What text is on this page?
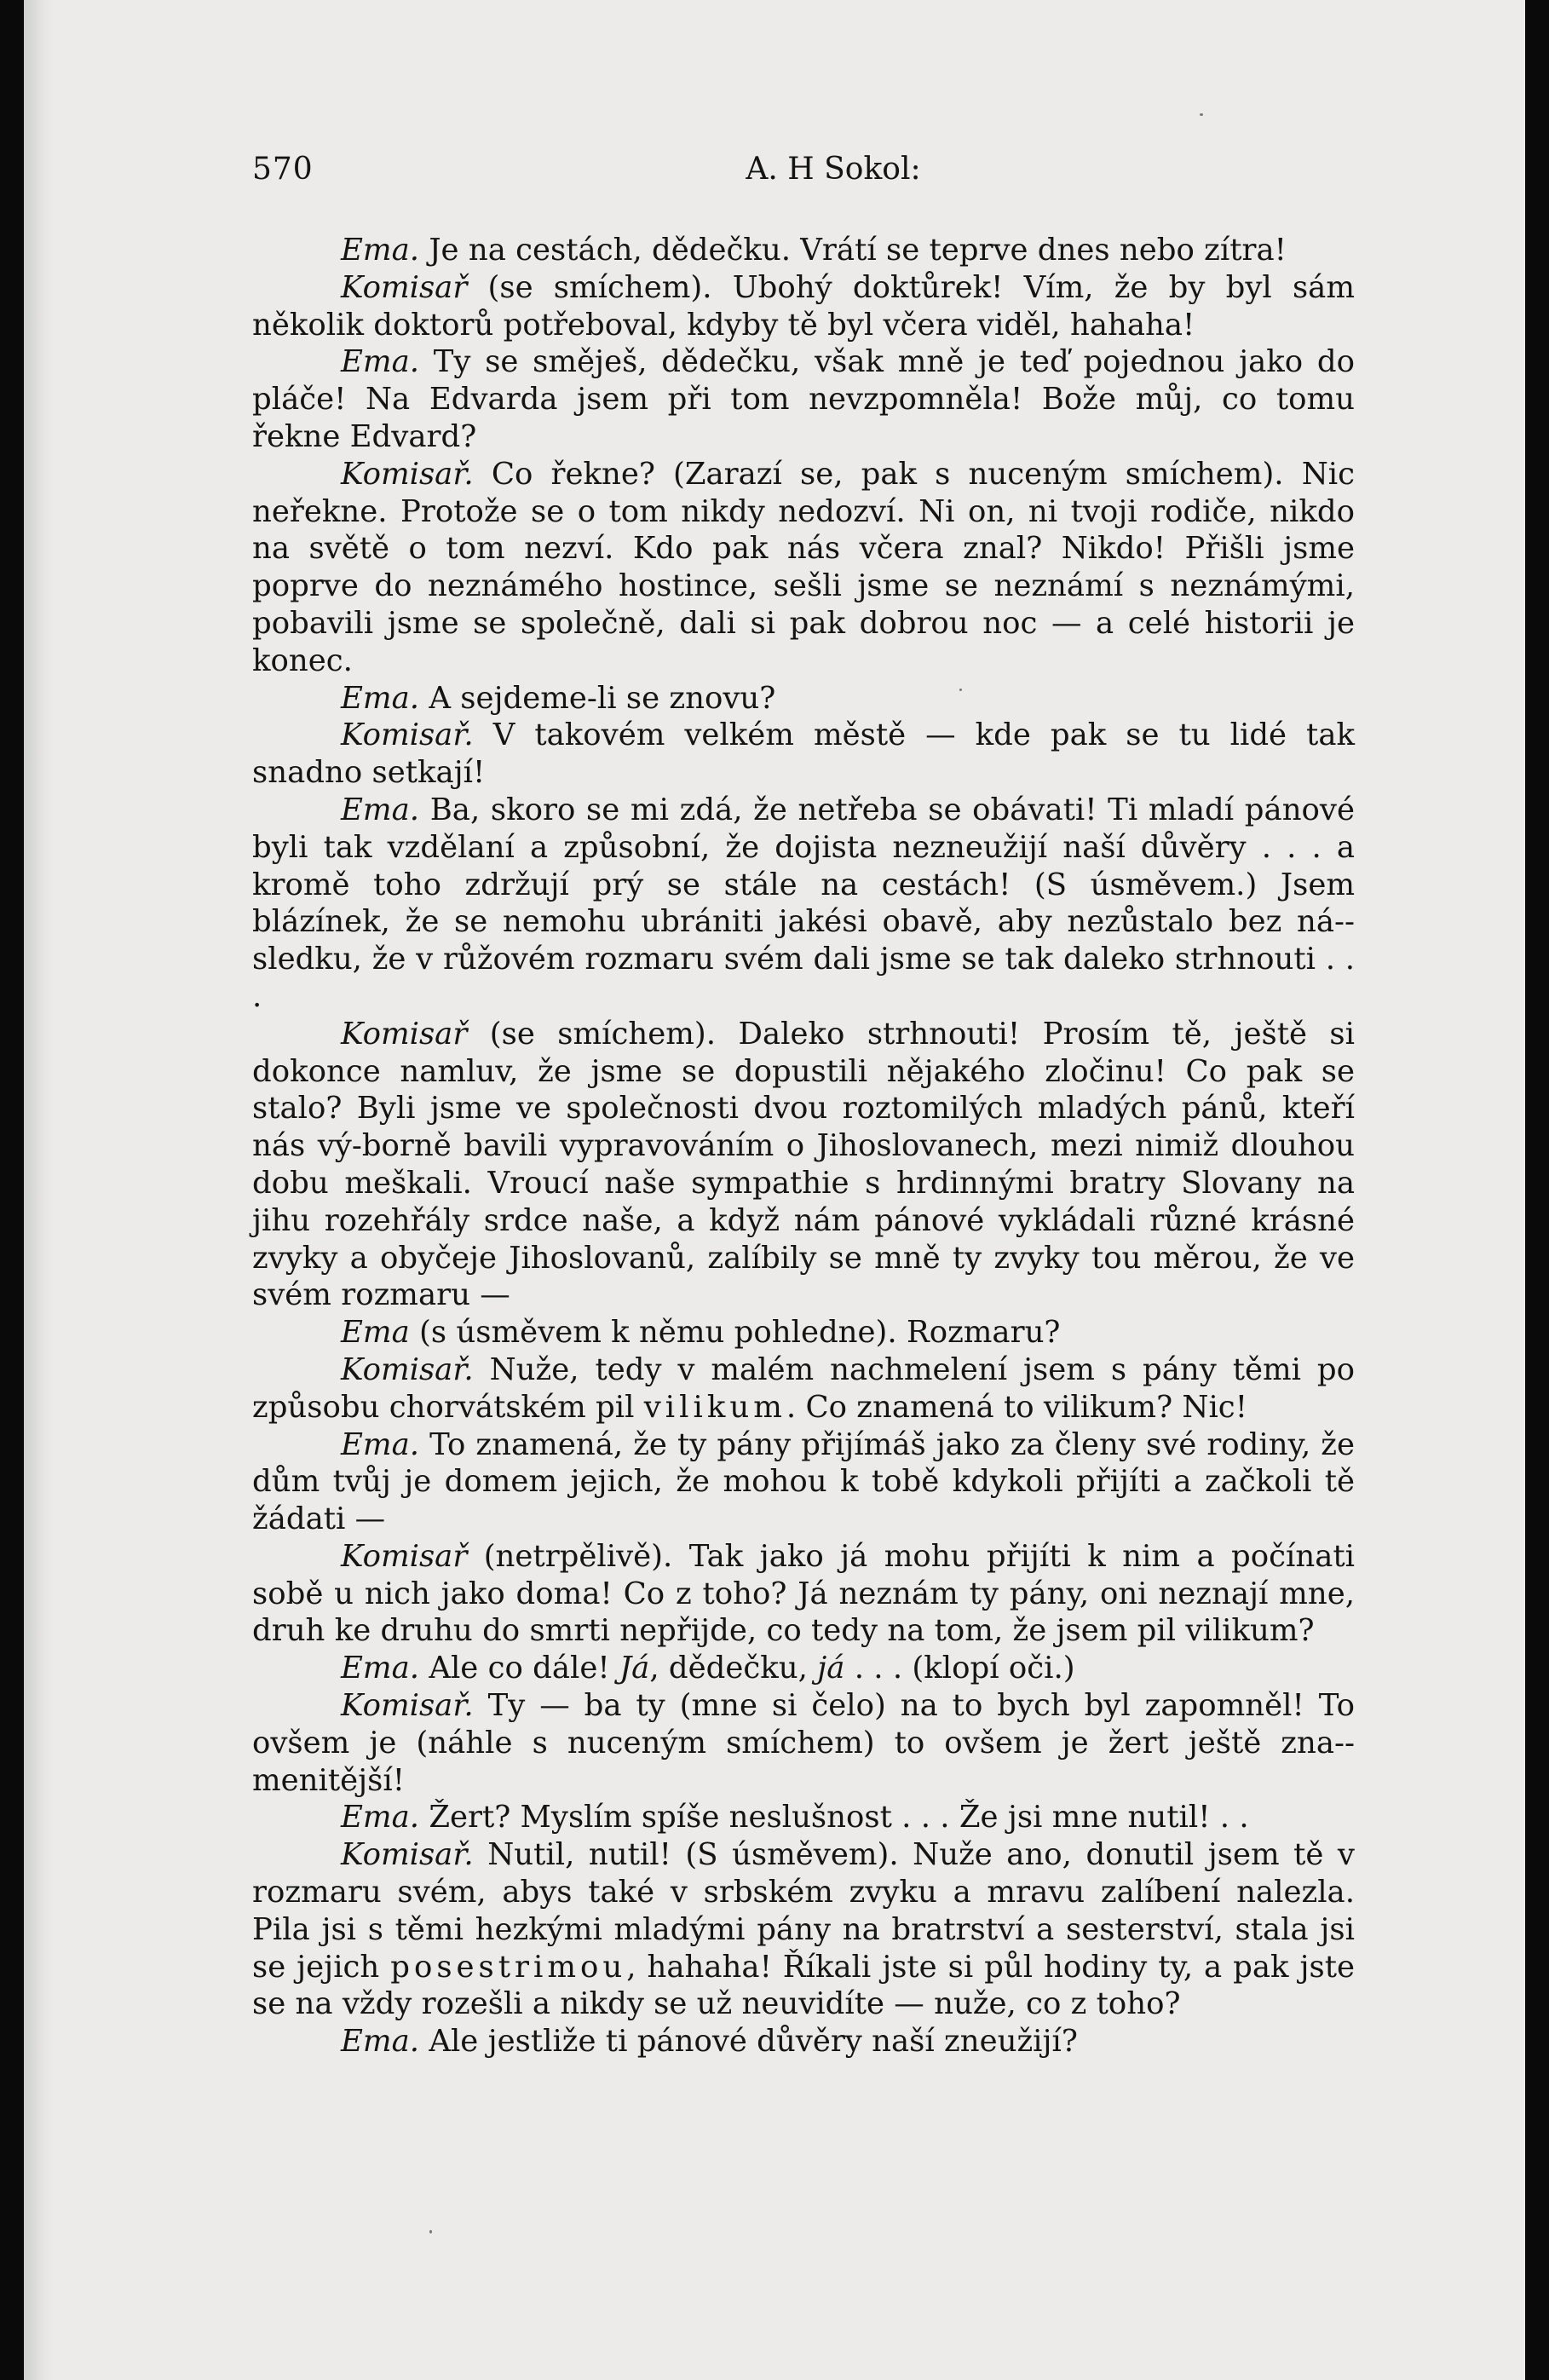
570	A. H Sokol:

Ema. Je na cestách, dědečku. Vrátí se teprve dnes nebo zítra!

Komisař (se smíchem). Ubohý doktůrek! Vím, že by byl sám několik doktorů potřeboval, kdyby tě byl včera viděl, hahaha!

Ema. Ty se směješ, dědečku, však mně je teď pojednou jako do pláče! Na Edvarda jsem při tom nevzpomněla! Bože můj, co tomu řekne Edvard?

Komisař. Co řekne? (Zarazí se, pak s nuceným smíchem). Nic neřekne. Protože se o tom nikdy nedozví. Ni on, ni tvoji rodiče, nikdo na světě o tom nezví. Kdo pak nás včera znal? Nikdo! Přišli jsme poprve do neznámého hostince, sešli jsme se neznámí s neznámými, pobavili jsme se společně, dali si pak dobrou noc — a celé historii je konec.

Ema. A sejdeme-li se znovu?

Komisař. V takovém velkém městě — kde pak se tu lidé tak snadno setkají!

Ema. Ba, skoro se mi zdá, že netřeba se obávati! Ti mladí pánové byli tak vzdělaní a způsobní, že dojista nezneužijí naší důvěry . . . a kromě toho zdržují prý se stále na cestách! (S úsměvem.) Jsem blázínek, že se nemohu ubrániti jakési obavě, aby nezůstalo bez ná-sledku, že v růžovém rozmaru svém dali jsme se tak daleko strhnouti . . .

Komisař (se smíchem). Daleko strhnouti! Prosím tě, ještě si dokonce namluv, že jsme se dopustili nějakého zločinu! Co pak se stalo? Byli jsme ve společnosti dvou roztomilých mladých pánů, kteří nás vý-borně bavili vypravováním o Jihoslovanech, mezi nimiž dlouhou dobu meškali. Vroucí naše sympathie s hrdinnými bratry Slovany na jihu rozehřály srdce naše, a když nám pánové vykládali různé krásné zvyky a obyčeje Jihoslovanů, zalíbily se mně ty zvyky tou měrou, že ve svém rozmaru —

Ema (s úsměvem k němu pohledne). Rozmaru?

Komisař. Nuže, tedy v malém nachmelení jsem s pány těmi po způsobu chorvátském pil vilikum. Co znamená to vilikum? Nic!

Ema. To znamená, že ty pány přijímáš jako za členy své rodiny, že dům tvůj je domem jejich, že mohou k tobě kdykoli přijíti a začkoli tě žádati —

Komisař (netrpělivě). Tak jako já mohu přijíti k nim a počínati sobě u nich jako doma! Co z toho? Já neznám ty pány, oni neznají mne, druh ke druhu do smrti nepřijde, co tedy na tom, že jsem pil vilikum?

Ema. Ale co dále! Já, dědečku, já . . . (klopí oči.)

Komisař. Ty — ba ty (mne si čelo) na to bych byl zapomněl! To ovšem je (náhle s nuceným smíchem) to ovšem je žert ještě zna-menitější!

Ema. Žert? Myslím spíše neslušnost . . . Že jsi mne nutil! . .

Komisař. Nutil, nutil! (S úsměvem). Nuže ano, donutil jsem tě v rozmaru svém, abys také v srbském zvyku a mravu zalíbení nalezla. Pila jsi s těmi hezkými mladými pány na bratrství a sesterství, stala jsi se jejich posestrimou, hahaha! Říkali jste si půl hodiny ty, a pak jste se na vždy rozešli a nikdy se už neuvidíte — nuže, co z toho?

Ema. Ale jestliže ti pánové důvěry naší zneužijí?
